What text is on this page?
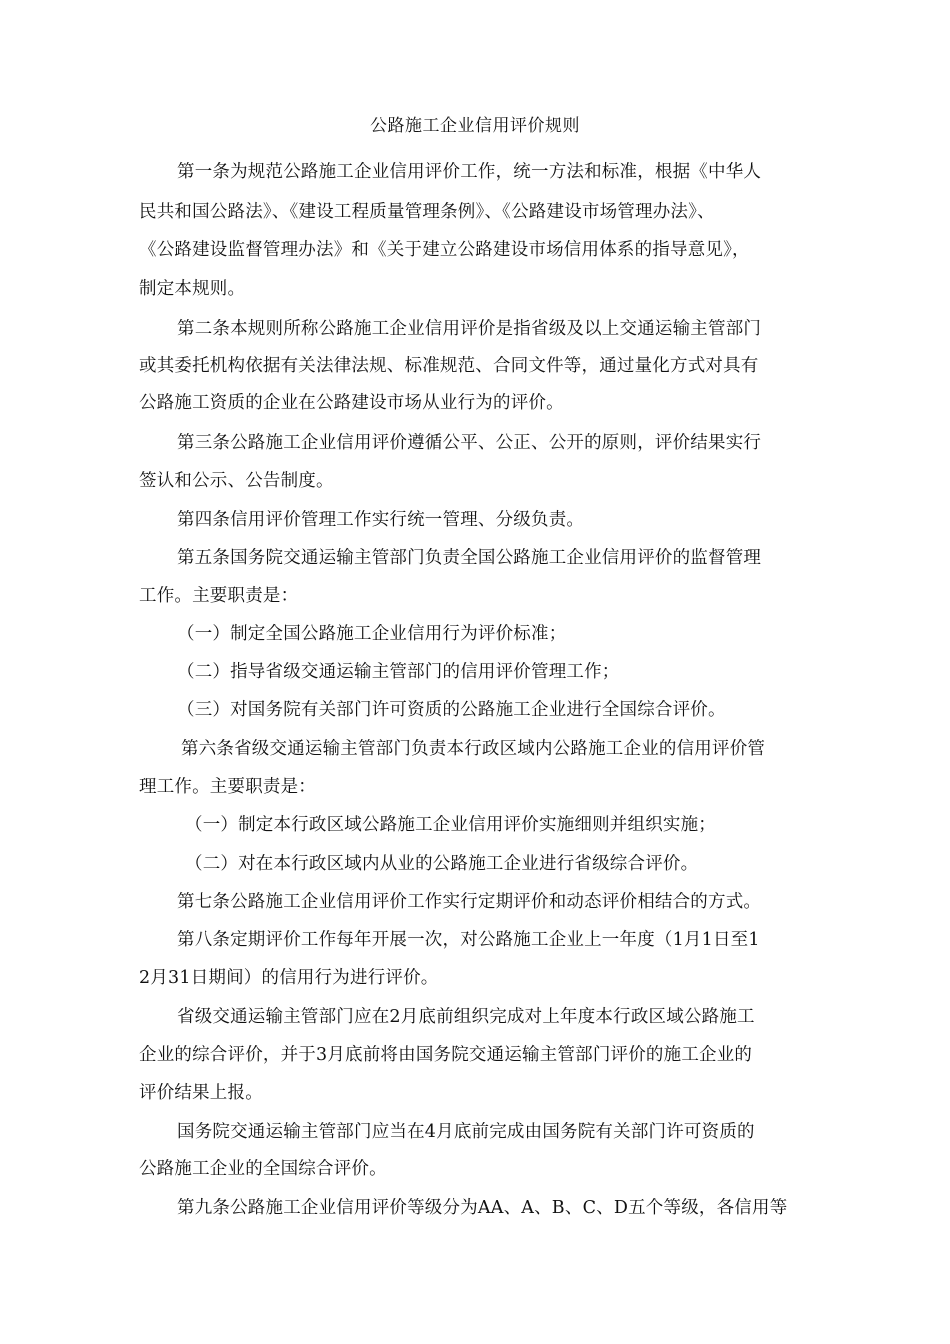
公路施工企业信用评价规则
第一条为规范公路施工企业信用评价工作，统一方法和标准，根据《中华人
民共和国公路法》、《建设工程质量管理条例》、《公路建设市场管理办法》、
《公路建设监督管理办法》和《关于建立公路建设市场信用体系的指导意见》，
制定本规则。
第二条本规则所称公路施工企业信用评价是指省级及以上交通运输主管部门
或其委托机构依据有关法律法规、标准规范、合同文件等，通过量化方式对具有
公路施工资质的企业在公路建设市场从业行为的评价。
第三条公路施工企业信用评价遵循公平、公正、公开的原则，评价结果实行
签认和公示、公告制度。
第四条信用评价管理工作实行统一管理、分级负责。
第五条国务院交通运输主管部门负责全国公路施工企业信用评价的监督管理
工作。主要职责是：
（一）制定全国公路施工企业信用行为评价标准；
（二）指导省级交通运输主管部门的信用评价管理工作；
（三）对国务院有关部门许可资质的公路施工企业进行全国综合评价。
第六条省级交通运输主管部门负责本行政区域内公路施工企业的信用评价管
理工作。主要职责是：
（一）制定本行政区域公路施工企业信用评价实施细则并组织实施；
（二）对在本行政区域内从业的公路施工企业进行省级综合评价。
第七条公路施工企业信用评价工作实行定期评价和动态评价相结合的方式。
第八条定期评价工作每年开展一次，对公路施工企业上一年度（1月1日至1
2月31日期间）的信用行为进行评价。
省级交通运输主管部门应在2月底前组织完成对上年度本行政区域公路施工
企业的综合评价，并于3月底前将由国务院交通运输主管部门评价的施工企业的
评价结果上报。
国务院交通运输主管部门应当在4月底前完成由国务院有关部门许可资质的
公路施工企业的全国综合评价。
第九条公路施工企业信用评价等级分为AA、A、B、C、D五个等级，各信用等
